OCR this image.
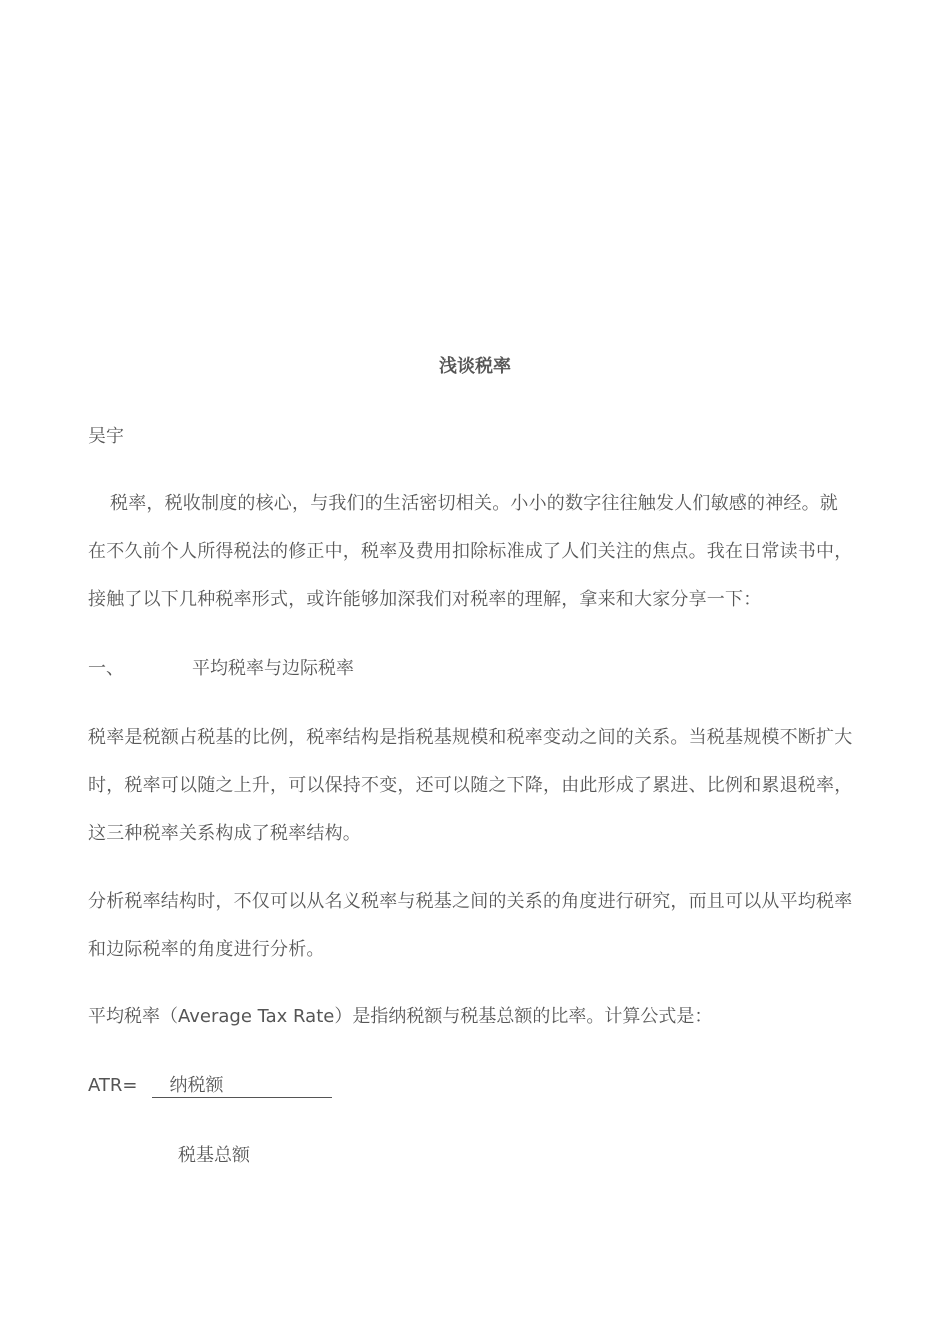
浅谈税率
吴宇

税率，税收制度的核心，与我们的生活密切相关。小小的数字往往触发人们敏感的神经。就在不久前个人所得税法的修正中，税率及费用扣除标准成了人们关注的焦点。我在日常读书中，接触了以下几种税率形式，或许能够加深我们对税率的理解，拿来和大家分享一下：

一、	平均税率与边际税率

税率是税额占税基的比例，税率结构是指税基规模和税率变动之间的关系。当税基规模不断扩大时，税率可以随之上升，可以保持不变，还可以随之下降，由此形成了累进、比例和累退税率，这三种税率关系构成了税率结构。

分析税率结构时，不仅可以从名义税率与税基之间的关系的角度进行研究，而且可以从平均税率和边际税率的角度进行分析。

平均税率（Average Tax Rate）是指纳税额与税基总额的比率。计算公式是：
ATR= 纳税额
税基总额
